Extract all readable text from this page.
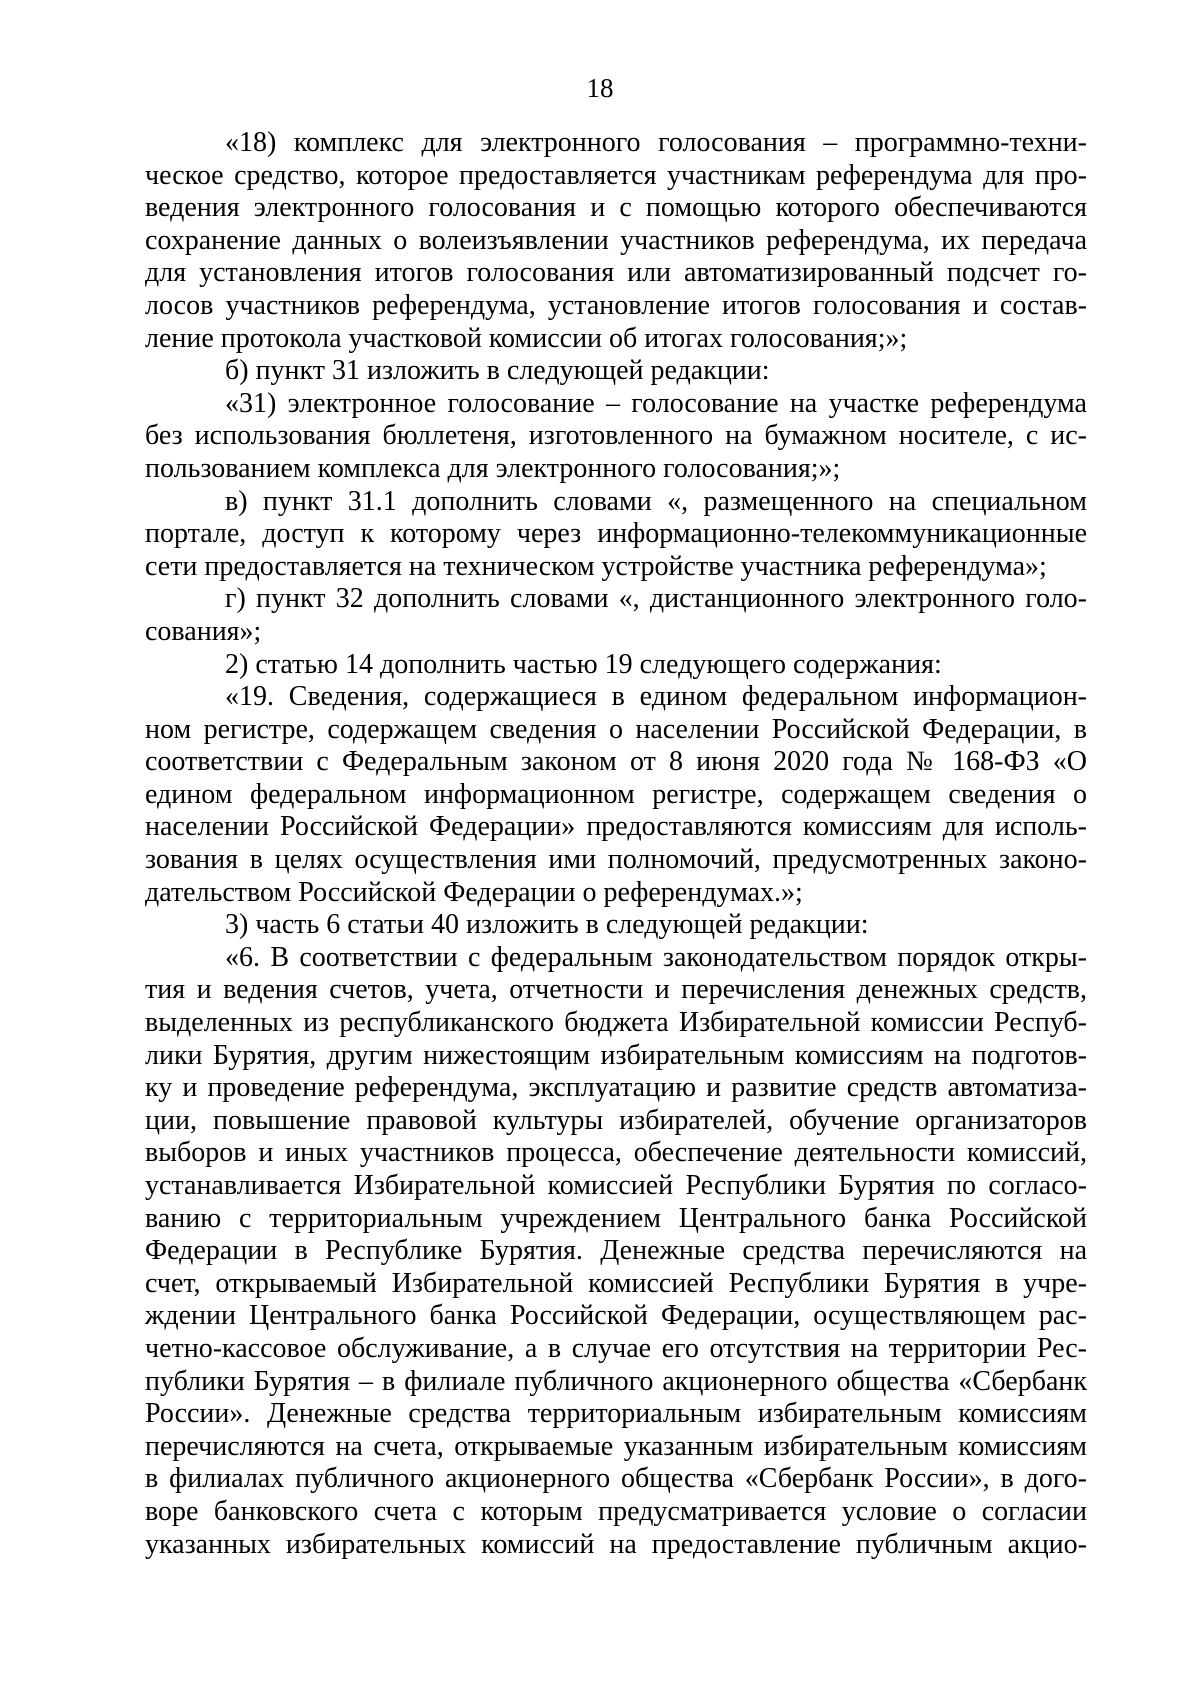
18
«18) комплекс для электронного голосования – программно-техни-
ческое средство, которое предоставляется участникам референдума для про-
ведения электронного голосования и с помощью которого обеспечиваются
сохранение данных о волеизъявлении участников референдума, их передача
для установления итогов голосования или автоматизированный подсчет го-
лосов участников референдума, установление итогов голосования и состав-
ление протокола участковой комиссии об итогах голосования;»;
б) пункт 31 изложить в следующей редакции:
«31) электронное голосование – голосование на участке референдума
без использования бюллетеня, изготовленного на бумажном носителе, с ис-
пользованием комплекса для электронного голосования;»;
в) пункт 31.1 дополнить словами «, размещенного на специальном
портале, доступ к которому через информационно-телекоммуникационные
сети предоставляется на техническом устройстве участника референдума»;
г) пункт 32 дополнить словами «, дистанционного электронного голо-
сования»;
2) статью 14 дополнить частью 19 следующего содержания:
«19. Сведения, содержащиеся в едином федеральном информацион-
ном регистре, содержащем сведения о населении Российской Федерации, в
соответствии с Федеральным законом от 8 июня 2020 года № 168-ФЗ «О
едином федеральном информационном регистре, содержащем сведения о
населении Российской Федерации» предоставляются комиссиям для исполь-
зования в целях осуществления ими полномочий, предусмотренных законо-
дательством Российской Федерации о референдумах.»;
3) часть 6 статьи 40 изложить в следующей редакции:
«6. В соответствии с федеральным законодательством порядок откры-
тия и ведения счетов, учета, отчетности и перечисления денежных средств,
выделенных из республиканского бюджета Избирательной комиссии Респуб-
лики Бурятия, другим нижестоящим избирательным комиссиям на подготов-
ку и проведение референдума, эксплуатацию и развитие средств автоматиза-
ции, повышение правовой культуры избирателей, обучение организаторов
выборов и иных участников процесса, обеспечение деятельности комиссий,
устанавливается Избирательной комиссией Республики Бурятия по согласо-
ванию с территориальным учреждением Центрального банка Российской
Федерации в Республике Бурятия. Денежные средства перечисляются на
счет, открываемый Избирательной комиссией Республики Бурятия в учре-
ждении Центрального банка Российской Федерации, осуществляющем рас-
четно-кассовое обслуживание, а в случае его отсутствия на территории Рес-
публики Бурятия – в филиале публичного акционерного общества «Сбербанк
России». Денежные средства территориальным избирательным комиссиям
перечисляются на счета, открываемые указанным избирательным комиссиям
в филиалах публичного акционерного общества «Сбербанк России», в дого-
воре банковского счета с которым предусматривается условие о согласии
указанных избирательных комиссий на предоставление публичным акцио-
